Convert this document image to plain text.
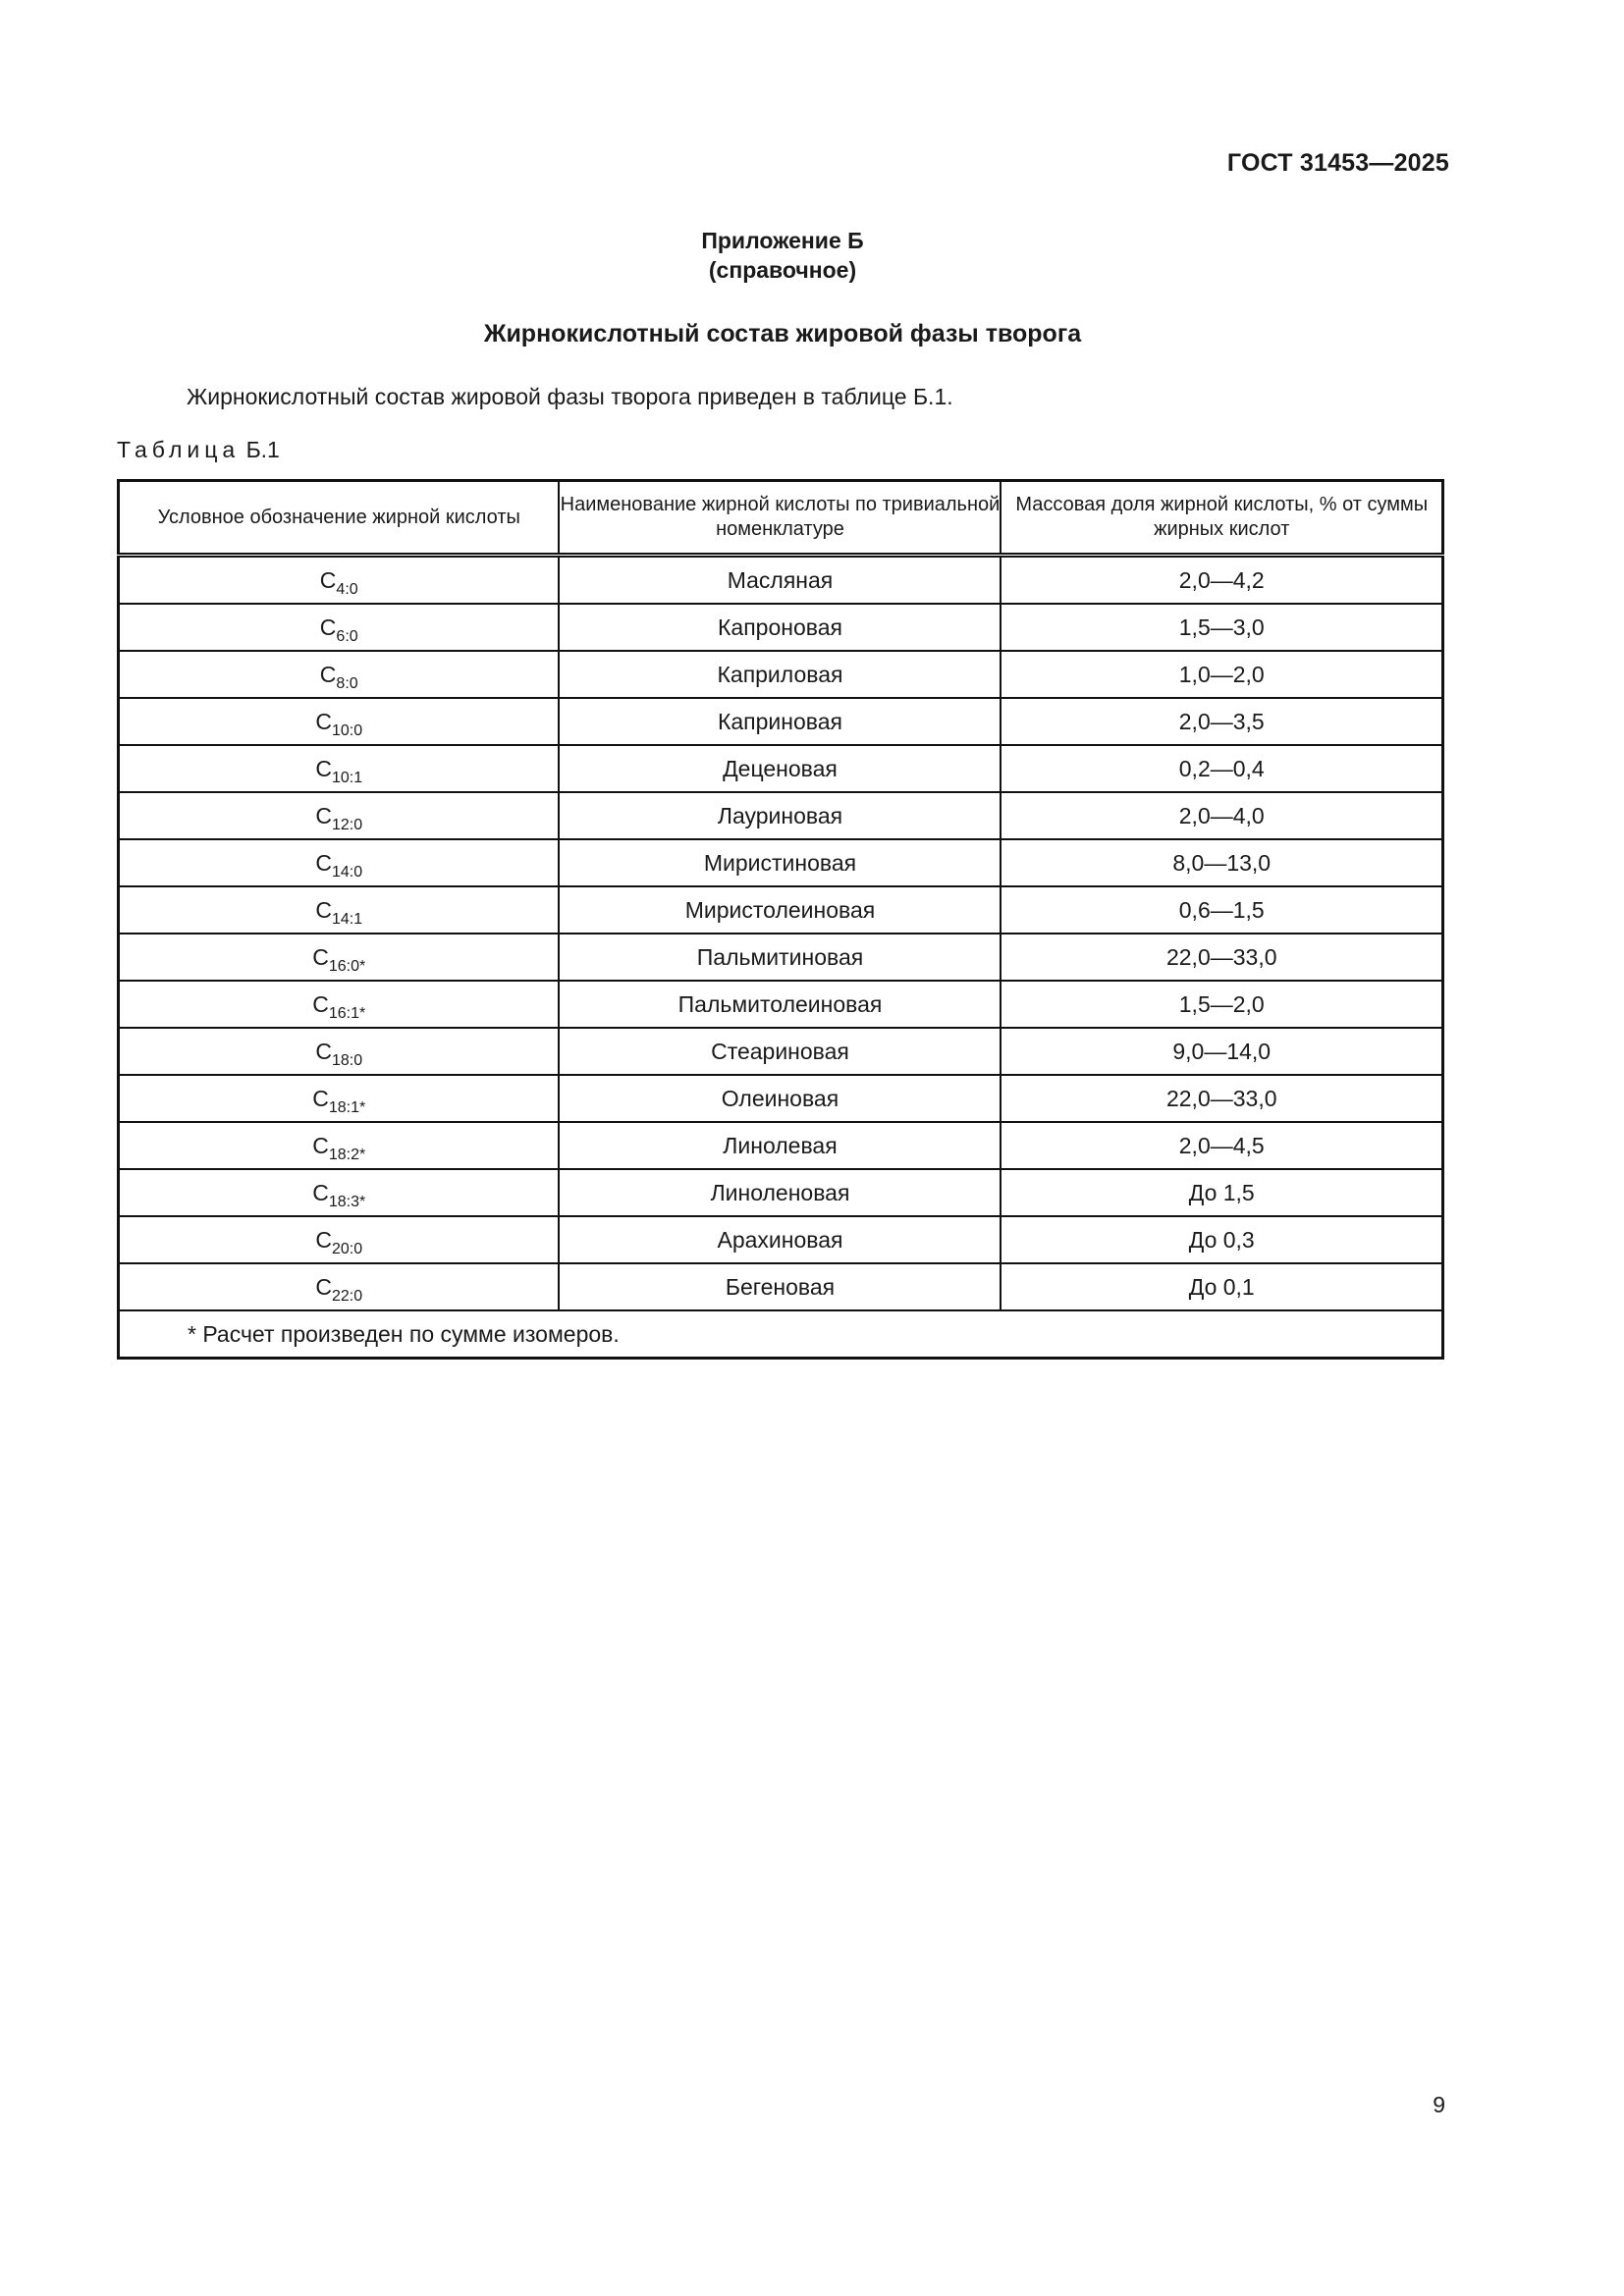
ГОСТ 31453—2025
Приложение Б
(справочное)
Жирнокислотный состав жировой фазы творога
Жирнокислотный состав жировой фазы творога приведен в таблице Б.1.
Таблица Б.1
Условное обозначение жирной кислоты	Наименование жирной кислоты по тривиальной номенклатуре	Массовая доля жирной кислоты, % от суммы жирных кислот
$C_{4:0}$	Масляная	2,0—4,2
$C_{6:0}$	Капроновая	1,5—3,0
$C_{8:0}$	Каприловая	1,0—2,0
$C_{10:0}$	Каприновая	2,0—3,5
$C_{10:1}$	Деценовая	0,2—0,4
$C_{12:0}$	Лауриновая	2,0—4,0
$C_{14:0}$	Миристиновая	8,0—13,0
$C_{14:1}$	Миристолеиновая	0,6—1,5
$C_{16:0*}$	Пальмитиновая	22,0—33,0
$C_{16:1*}$	Пальмитолеиновая	1,5—2,0
$C_{18:0}$	Стеариновая	9,0—14,0
$C_{18:1*}$	Олеиновая	22,0—33,0
$C_{18:2*}$	Линолевая	2,0—4,5
$C_{18:3*}$	Линоленовая	До 1,5
$C_{20:0}$	Арахиновая	До 0,3
$C_{22:0}$	Бегеновая	До 0,1
* Расчет произведен по сумме изомеров.		
9
